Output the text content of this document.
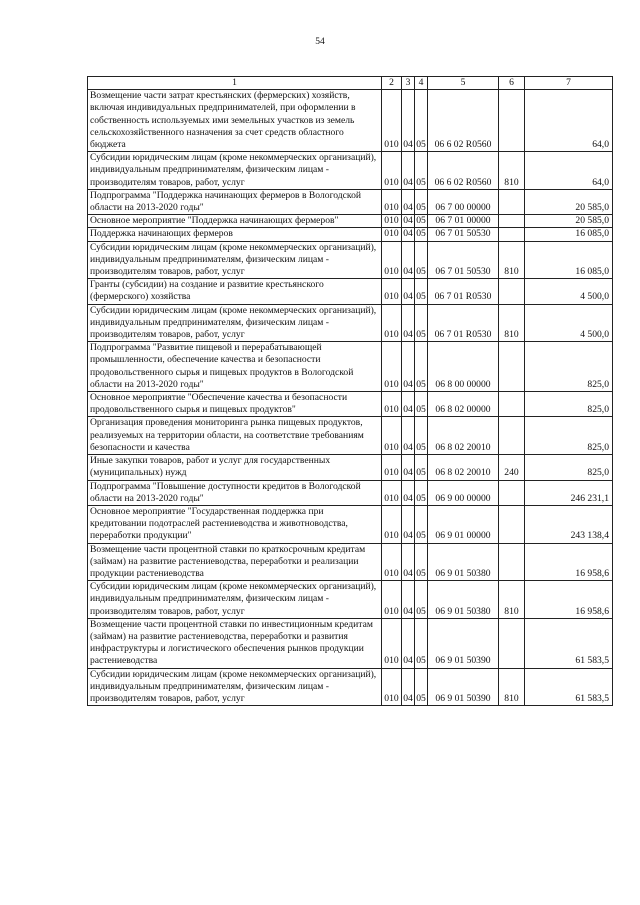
54
1	2	3	4	5	6	7
Возмещение части затрат крестьянских (фермерских) хозяйств, включая индивидуальных предпринимателей, при оформлении в собственность используемых ими земельных участков из земель сельскохозяйственного назначения за счет средств областного бюджета	010	04	05	06 6 02 R0560		64,0
Субсидии юридическим лицам (кроме некоммерческих организаций), индивидуальным предпринимателям, физическим лицам - производителям товаров, работ, услуг	010	04	05	06 6 02 R0560	810	64,0
Подпрограмма "Поддержка начинающих фермеров в Вологодской области на 2013-2020 годы"	010	04	05	06 7 00 00000		20 585,0
Основное мероприятие "Поддержка начинающих фермеров"	010	04	05	06 7 01 00000		20 585,0
Поддержка начинающих фермеров	010	04	05	06 7 01 50530		16 085,0
Субсидии юридическим лицам (кроме некоммерческих организаций), индивидуальным предпринимателям, физическим лицам - производителям товаров, работ, услуг	010	04	05	06 7 01 50530	810	16 085,0
Гранты (субсидии) на создание и развитие крестьянского (фермерского) хозяйства	010	04	05	06 7 01 R0530		4 500,0
Субсидии юридическим лицам (кроме некоммерческих организаций), индивидуальным предпринимателям, физическим лицам - производителям товаров, работ, услуг	010	04	05	06 7 01 R0530	810	4 500,0
Подпрограмма "Развитие пищевой и перерабатывающей промышленности, обеспечение качества и безопасности продовольственного сырья и пищевых продуктов в Вологодской области на 2013-2020 годы"	010	04	05	06 8 00 00000		825,0
Основное мероприятие "Обеспечение качества и безопасности продовольственного сырья и пищевых продуктов"	010	04	05	06 8 02 00000		825,0
Организация проведения мониторинга рынка пищевых продуктов, реализуемых на территории области, на соответствие требованиям безопасности и качества	010	04	05	06 8 02 20010		825,0
Иные закупки товаров, работ и услуг для государственных (муниципальных) нужд	010	04	05	06 8 02 20010	240	825,0
Подпрограмма "Повышение доступности кредитов в Вологодской области на 2013-2020 годы"	010	04	05	06 9 00 00000		246 231,1
Основное мероприятие "Государственная поддержка при кредитовании подотраслей растениеводства и животноводства, переработки продукции"	010	04	05	06 9 01 00000		243 138,4
Возмещение части процентной ставки по краткосрочным кредитам (займам) на развитие растениеводства, переработки и реализации продукции растениеводства	010	04	05	06 9 01 50380		16 958,6
Субсидии юридическим лицам (кроме некоммерческих организаций), индивидуальным предпринимателям, физическим лицам - производителям товаров, работ, услуг	010	04	05	06 9 01 50380	810	16 958,6
Возмещение части процентной ставки по инвестиционным кредитам (займам) на развитие растениеводства, переработки и развития инфраструктуры и логистического обеспечения рынков продукции растениеводства	010	04	05	06 9 01 50390		61 583,5
Субсидии юридическим лицам (кроме некоммерческих организаций), индивидуальным предпринимателям, физическим лицам - производителям товаров, работ, услуг	010	04	05	06 9 01 50390	810	61 583,5
